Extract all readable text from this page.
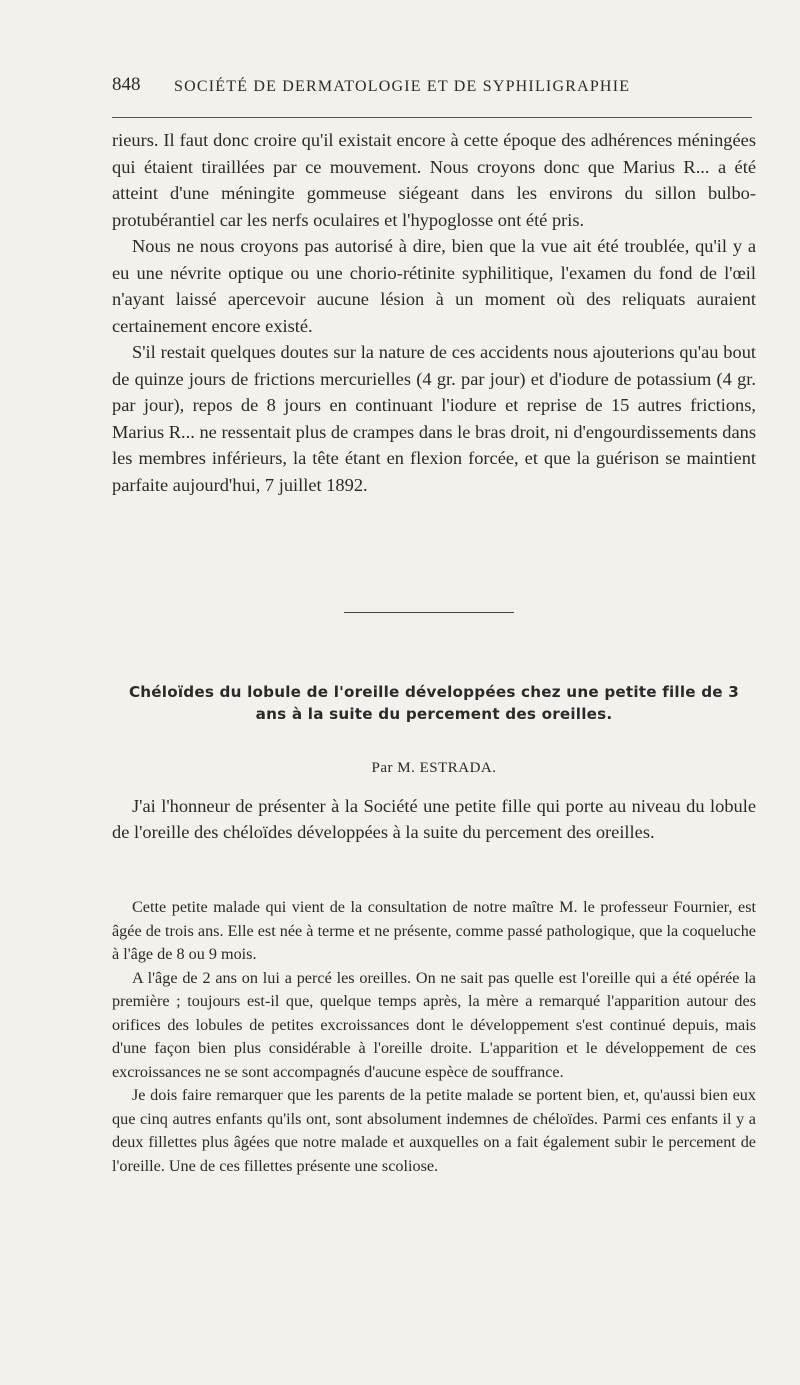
848 SOCIÉTÉ DE DERMATOLOGIE ET DE SYPHILIGRAPHIE

rieurs. Il faut donc croire qu'il existait encore à cette époque des adhérences méningées qui étaient tiraillées par ce mouvement. Nous croyons donc que Marius R... a été atteint d'une méningite gommeuse siégeant dans les environs du sillon bulbo-protubérantiel car les nerfs oculaires et l'hypoglosse ont été pris.

Nous ne nous croyons pas autorisé à dire, bien que la vue ait été troublée, qu'il y a eu une névrite optique ou une chorio-rétinite syphilitique, l'examen du fond de l'œil n'ayant laissé apercevoir aucune lésion à un moment où des reliquats auraient certainement encore existé.

S'il restait quelques doutes sur la nature de ces accidents nous ajouterions qu'au bout de quinze jours de frictions mercurielles (4 gr. par jour) et d'iodure de potassium (4 gr. par jour), repos de 8 jours en continuant l'iodure et reprise de 15 autres frictions, Marius R... ne ressentait plus de crampes dans le bras droit, ni d'engourdissements dans les membres inférieurs, la tête étant en flexion forcée, et que la guérison se maintient parfaite aujourd'hui, 7 juillet 1892.

Chéloïdes du lobule de l'oreille développées chez une petite fille de 3 ans à la suite du percement des oreilles.
Par M. ESTRADA.

J'ai l'honneur de présenter à la Société une petite fille qui porte au niveau du lobule de l'oreille des chéloïdes développées à la suite du percement des oreilles.

Cette petite malade qui vient de la consultation de notre maître M. le professeur Fournier, est âgée de trois ans. Elle est née à terme et ne présente, comme passé pathologique, que la coqueluche à l'âge de 8 ou 9 mois.

A l'âge de 2 ans on lui a percé les oreilles. On ne sait pas quelle est l'oreille qui a été opérée la première ; toujours est-il que, quelque temps après, la mère a remarqué l'apparition autour des orifices des lobules de petites excroissances dont le développement s'est continué depuis, mais d'une façon bien plus considérable à l'oreille droite. L'apparition et le développement de ces excroissances ne se sont accompagnés d'aucune espèce de souffrance.

Je dois faire remarquer que les parents de la petite malade se portent bien, et, qu'aussi bien eux que cinq autres enfants qu'ils ont, sont absolument indemnes de chéloïdes. Parmi ces enfants il y a deux fillettes plus âgées que notre malade et auxquelles on a fait également subir le percement de l'oreille. Une de ces fillettes présente une scoliose.
